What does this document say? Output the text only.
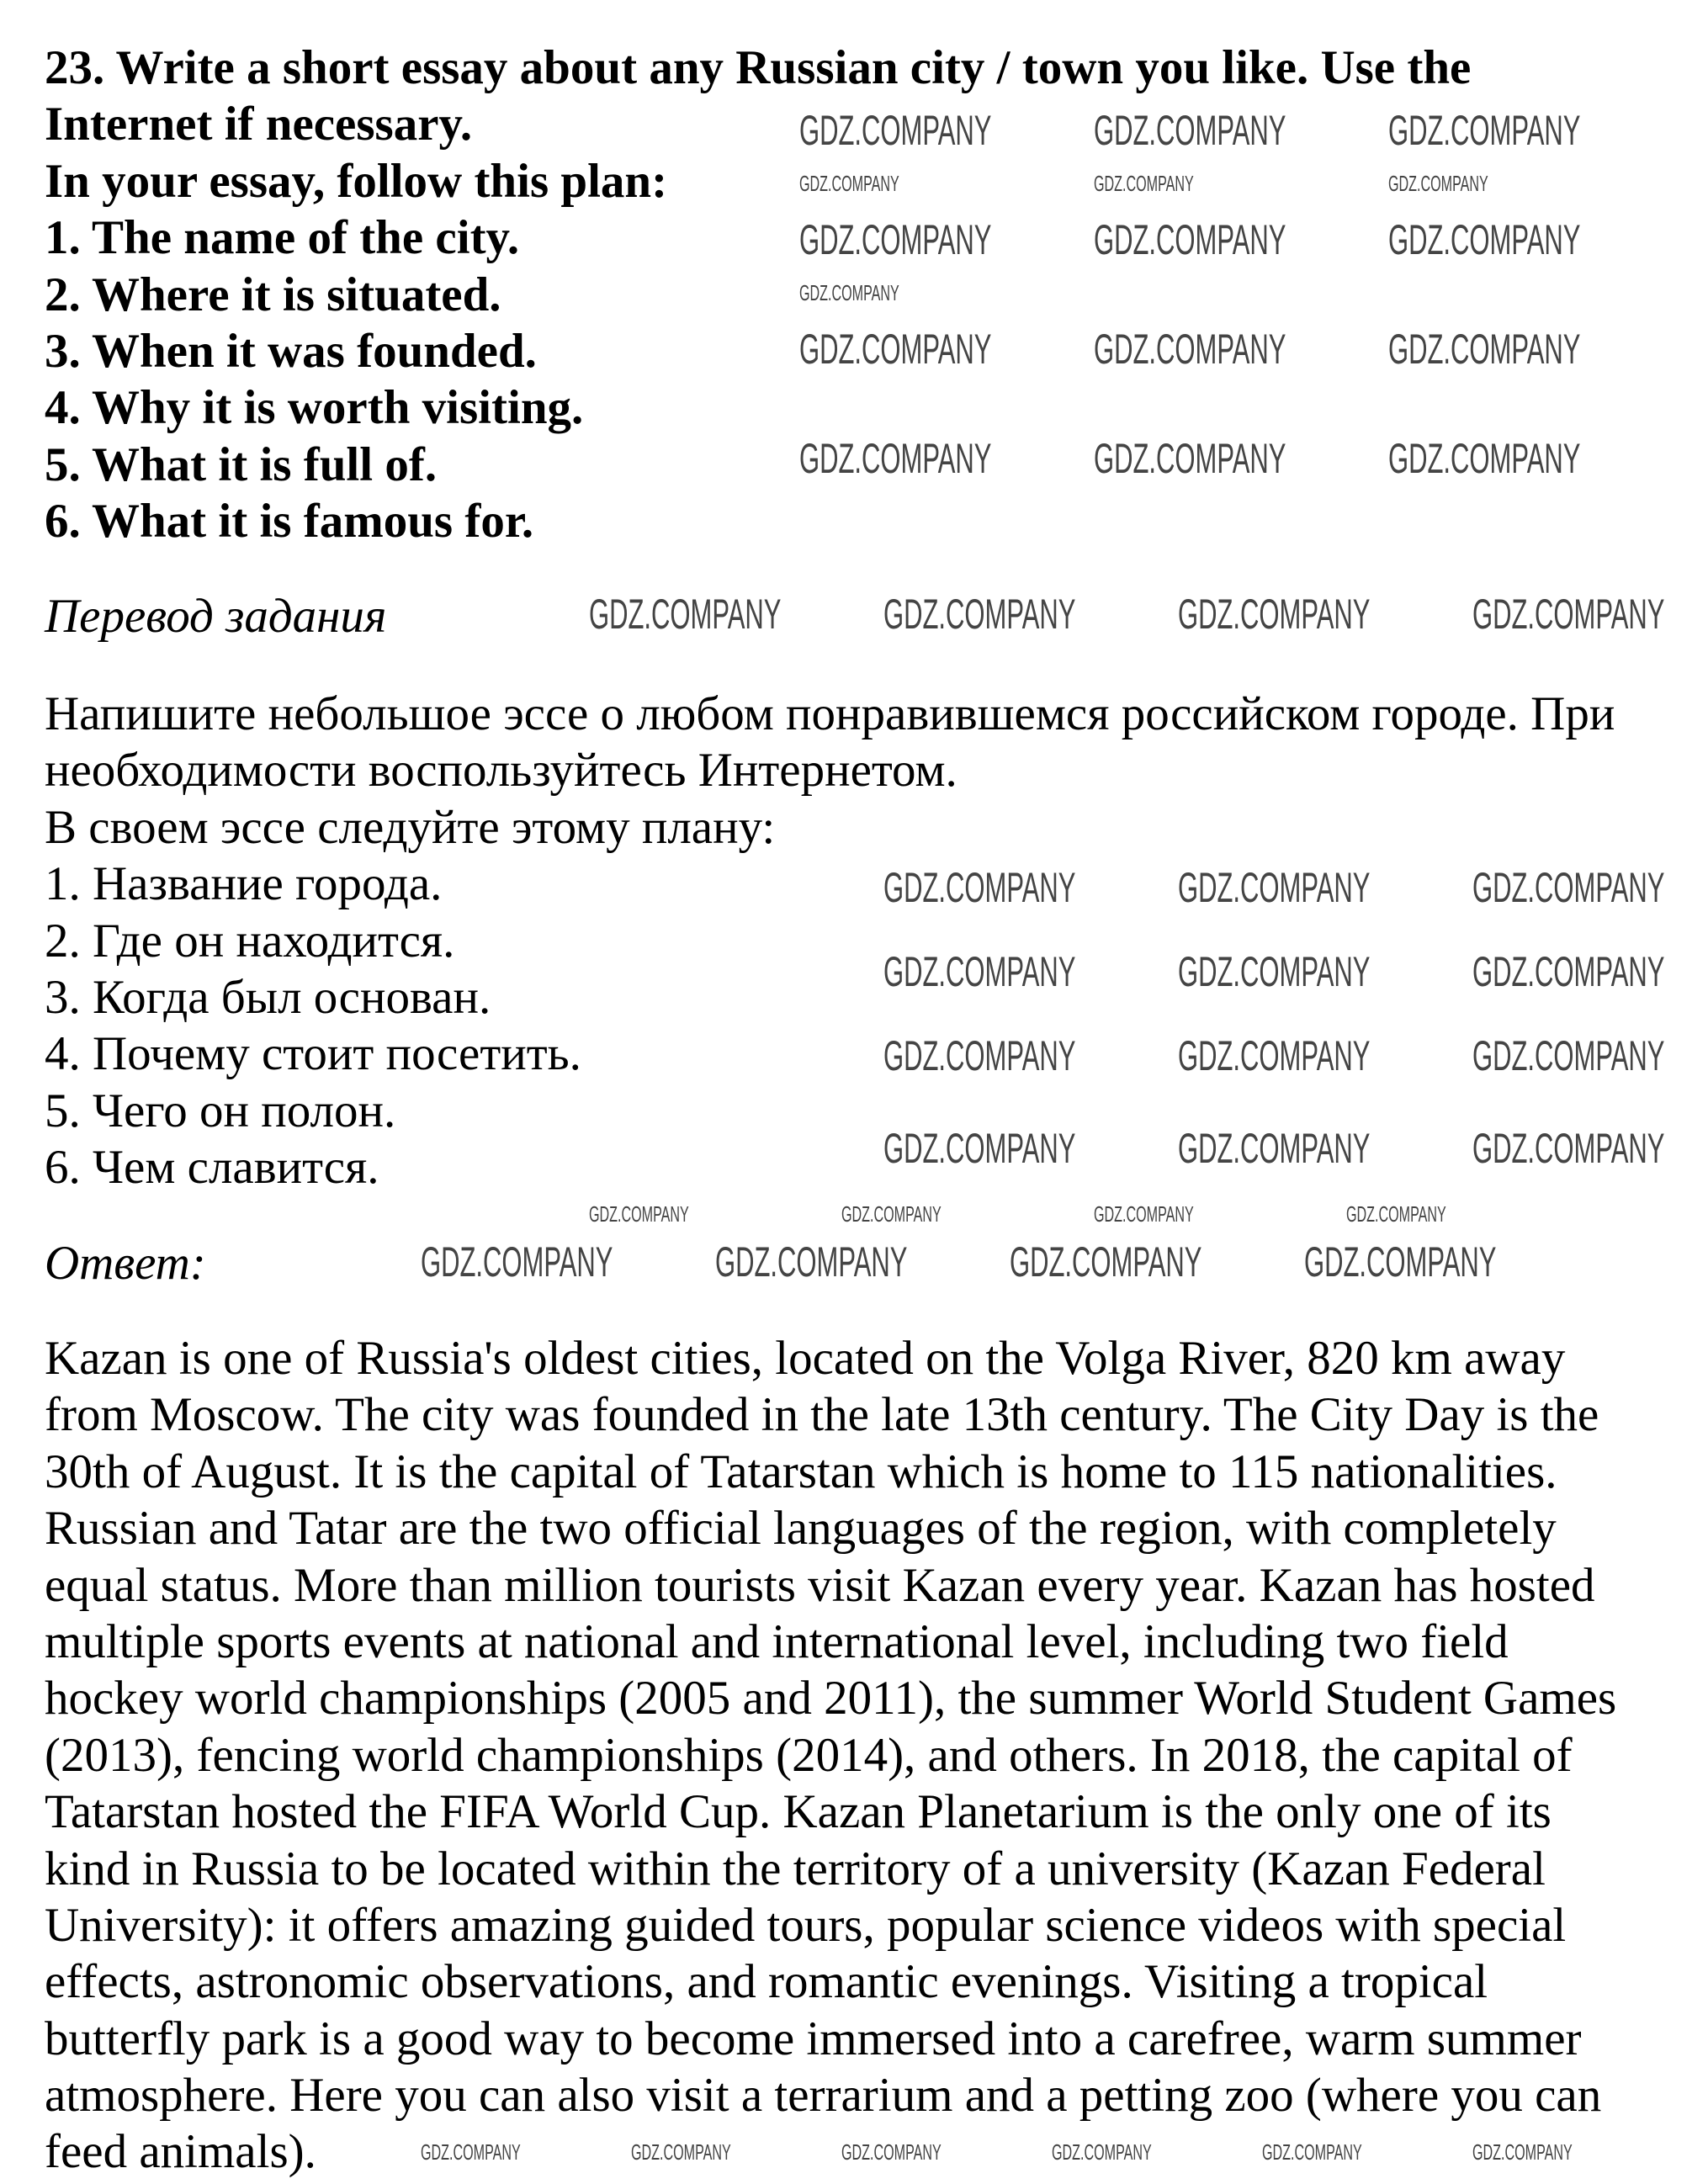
23. Write a short essay about any Russian city / town you like. Use the
Internet if necessary.
In your essay, follow this plan:
1. The name of the city.
2. Where it is situated.
3. When it was founded.
4. Why it is worth visiting.
5. What it is full of.
6. What it is famous for.
Перевод задания
Напишите небольшое эссе о любом понравившемся российском городе. При
необходимости воспользуйтесь Интернетом.
В своем эссе следуйте этому плану:
1. Название города.
2. Где он находится.
3. Когда был основан.
4. Почему стоит посетить.
5. Чего он полон.
6. Чем славится.
Ответ:
Kazan is one of Russia's oldest cities, located on the Volga River, 820 km away
from Moscow. The city was founded in the late 13th century. The City Day is the
30th of August. It is the capital of Tatarstan which is home to 115 nationalities.
Russian and Tatar are the two official languages of the region, with completely
equal status. More than million tourists visit Kazan every year. Kazan has hosted
multiple sports events at national and international level, including two field
hockey world championships (2005 and 2011), the summer World Student Games
(2013), fencing world championships (2014), and others. In 2018, the capital of
Tatarstan hosted the FIFA World Cup. Kazan Planetarium is the only one of its
kind in Russia to be located within the territory of a university (Kazan Federal
University): it offers amazing guided tours, popular science videos with special
effects, astronomic observations, and romantic evenings. Visiting a tropical
butterfly park is a good way to become immersed into a carefree, warm summer
atmosphere. Here you can also visit a terrarium and a petting zoo (where you can
feed animals).
GDZ.COMPANY GDZ.COMPANY GDZ.COMPANY
GDZ.COMPANY	GDZ.COMPANY	GDZ.COMPANY
GDZ.COMPANY GDZ.COMPANY GDZ.COMPANY
GDZ.COMPANY
GDZ.COMPANY GDZ.COMPANY GDZ.COMPANY
GDZ.COMPANY GDZ.COMPANY GDZ.COMPANY
GDZ.COMPANY GDZ.COMPANY GDZ.COMPANY GDZ.COMPANY
GDZ.COMPANY GDZ.COMPANY GDZ.COMPANY
GDZ.COMPANY GDZ.COMPANY GDZ.COMPANY
GDZ.COMPANY GDZ.COMPANY GDZ.COMPANY
GDZ.COMPANY GDZ.COMPANY GDZ.COMPANY
GDZ.COMPANY	GDZ.COMPANY	GDZ.COMPANY	GDZ.COMPANY
GDZ.COMPANY GDZ.COMPANY GDZ.COMPANY GDZ.COMPANY
GDZ.COMPANY	GDZ.COMPANY	GDZ.COMPANY	GDZ.COMPANY	GDZ.COMPANY	GDZ.COMPANY
